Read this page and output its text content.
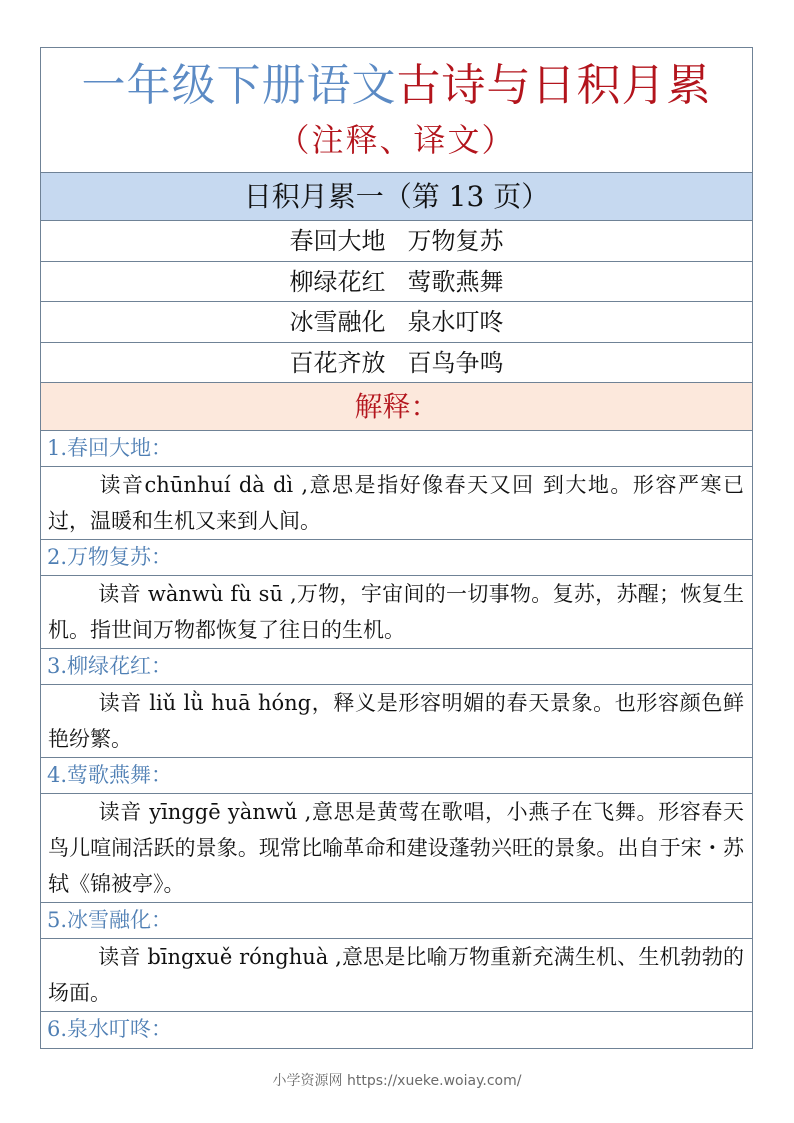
一年级下册语文古诗与日积月累
（注释、译文）
日积月累一（第 13 页）
春回大地 万物复苏
柳绿花红 莺歌燕舞
冰雪融化 泉水叮咚
百花齐放 百鸟争鸣
解释：
1.春回大地：
读音chūnhuí dà dì ,意思是指好像春天又回 到大地。形容严寒已过，温暖和生机又来到人间。
2.万物复苏：
读音 wànwù fù sū ,万物，宇宙间的一切事物。复苏，苏醒；恢复生机。指世间万物都恢复了往日的生机。
3.柳绿花红：
读音 liǔ lǜ huā hóng，释义是形容明媚的春天景象。也形容颜色鲜艳纷繁。
4.莺歌燕舞：
读音 yīnggē yànwǔ ,意思是黄莺在歌唱，小燕子在飞舞。形容春天鸟儿喧闹活跃的景象。现常比喻革命和建设蓬勃兴旺的景象。出自于宋・苏轼《锦被亭》。
5.冰雪融化：
读音 bīngxuě rónghuà ,意思是比喻万物重新充满生机、生机勃勃的场面。
6.泉水叮咚：
小学资源网 https://xueke.woiay.com/
